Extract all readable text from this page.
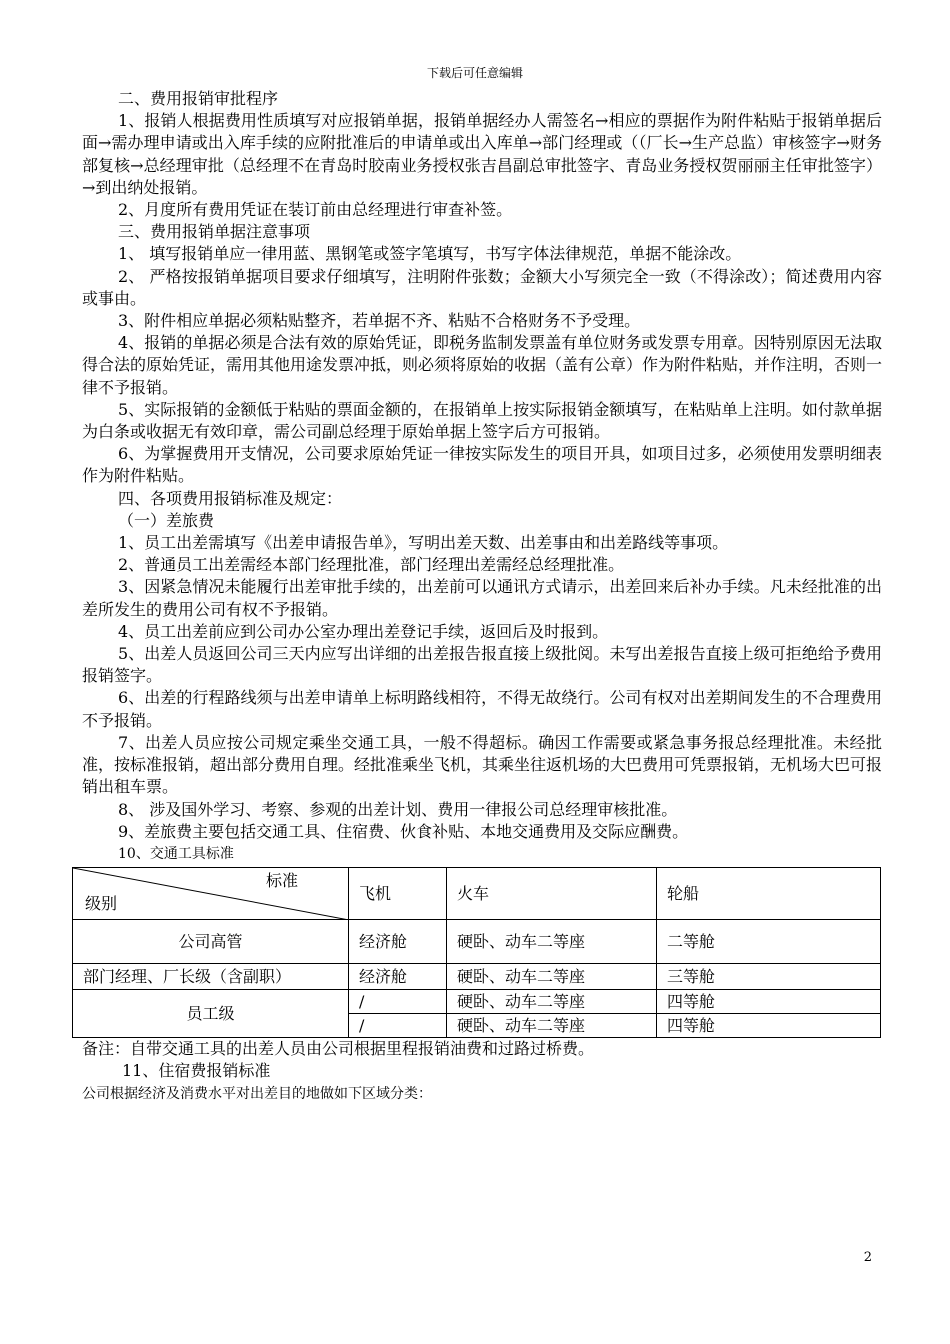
下载后可任意编辑

二、费用报销审批程序

1、报销人根据费用性质填写对应报销单据，报销单据经办人需签名→相应的票据作为附件粘贴于报销单据后面→需办理申请或出入库手续的应附批准后的申请单或出入库单→部门经理或（（厂长→生产总监）审核签字→财务部复核→总经理审批（总经理不在青岛时胶南业务授权张吉昌副总审批签字、青岛业务授权贺丽丽主任审批签字）→到出纳处报销。

2、月度所有费用凭证在装订前由总经理进行审查补签。

三、费用报销单据注意事项

1、 填写报销单应一律用蓝、黑钢笔或签字笔填写，书写字体法律规范，单据不能涂改。

2、 严格按报销单据项目要求仔细填写，注明附件张数；金额大小写须完全一致（不得涂改）；简述费用内容或事由。

3、附件相应单据必须粘贴整齐，若单据不齐、粘贴不合格财务不予受理。

4、报销的单据必须是合法有效的原始凭证，即税务监制发票盖有单位财务或发票专用章。因特别原因无法取得合法的原始凭证，需用其他用途发票冲抵，则必须将原始的收据（盖有公章）作为附件粘贴，并作注明，否则一律不予报销。

5、实际报销的金额低于粘贴的票面金额的，在报销单上按实际报销金额填写，在粘贴单上注明。如付款单据为白条或收据无有效印章，需公司副总经理于原始单据上签字后方可报销。

6、为掌握费用开支情况，公司要求原始凭证一律按实际发生的项目开具，如项目过多，必须使用发票明细表作为附件粘贴。

四、各项费用报销标准及规定：

（一）差旅费

1、员工出差需填写《出差申请报告单》，写明出差天数、出差事由和出差路线等事项。

2、普通员工出差需经本部门经理批准，部门经理出差需经总经理批准。

3、因紧急情况未能履行出差审批手续的，出差前可以通讯方式请示，出差回来后补办手续。凡未经批准的出差所发生的费用公司有权不予报销。

4、员工出差前应到公司办公室办理出差登记手续，返回后及时报到。

5、出差人员返回公司三天内应写出详细的出差报告报直接上级批阅。未写出差报告直接上级可拒绝给予费用报销签字。

6、出差的行程路线须与出差申请单上标明路线相符，不得无故绕行。公司有权对出差期间发生的不合理费用不予报销。

7、出差人员应按公司规定乘坐交通工具，一般不得超标。确因工作需要或紧急事务报总经理批准。未经批准，按标准报销，超出部分费用自理。经批准乘坐飞机，其乘坐往返机场的大巴费用可凭票报销，无机场大巴可报销出租车票。

8、 涉及国外学习、考察、参观的出差计划、费用一律报公司总经理审核批准。

9、差旅费主要包括交通工具、住宿费、伙食补贴、本地交通费用及交际应酬费。

10、交通工具标准

标准
级别	飞机	火车	轮船
公司高管	经济舱	硬卧、动车二等座	二等舱
部门经理、厂长级（含副职）	经济舱	硬卧、动车二等座	三等舱
员工级	/	硬卧、动车二等座	四等舱
	/	硬卧、动车二等座	四等舱

备注：自带交通工具的出差人员由公司根据里程报销油费和过路过桥费。

11、住宿费报销标准

公司根据经济及消费水平对出差目的地做如下区域分类：

2
